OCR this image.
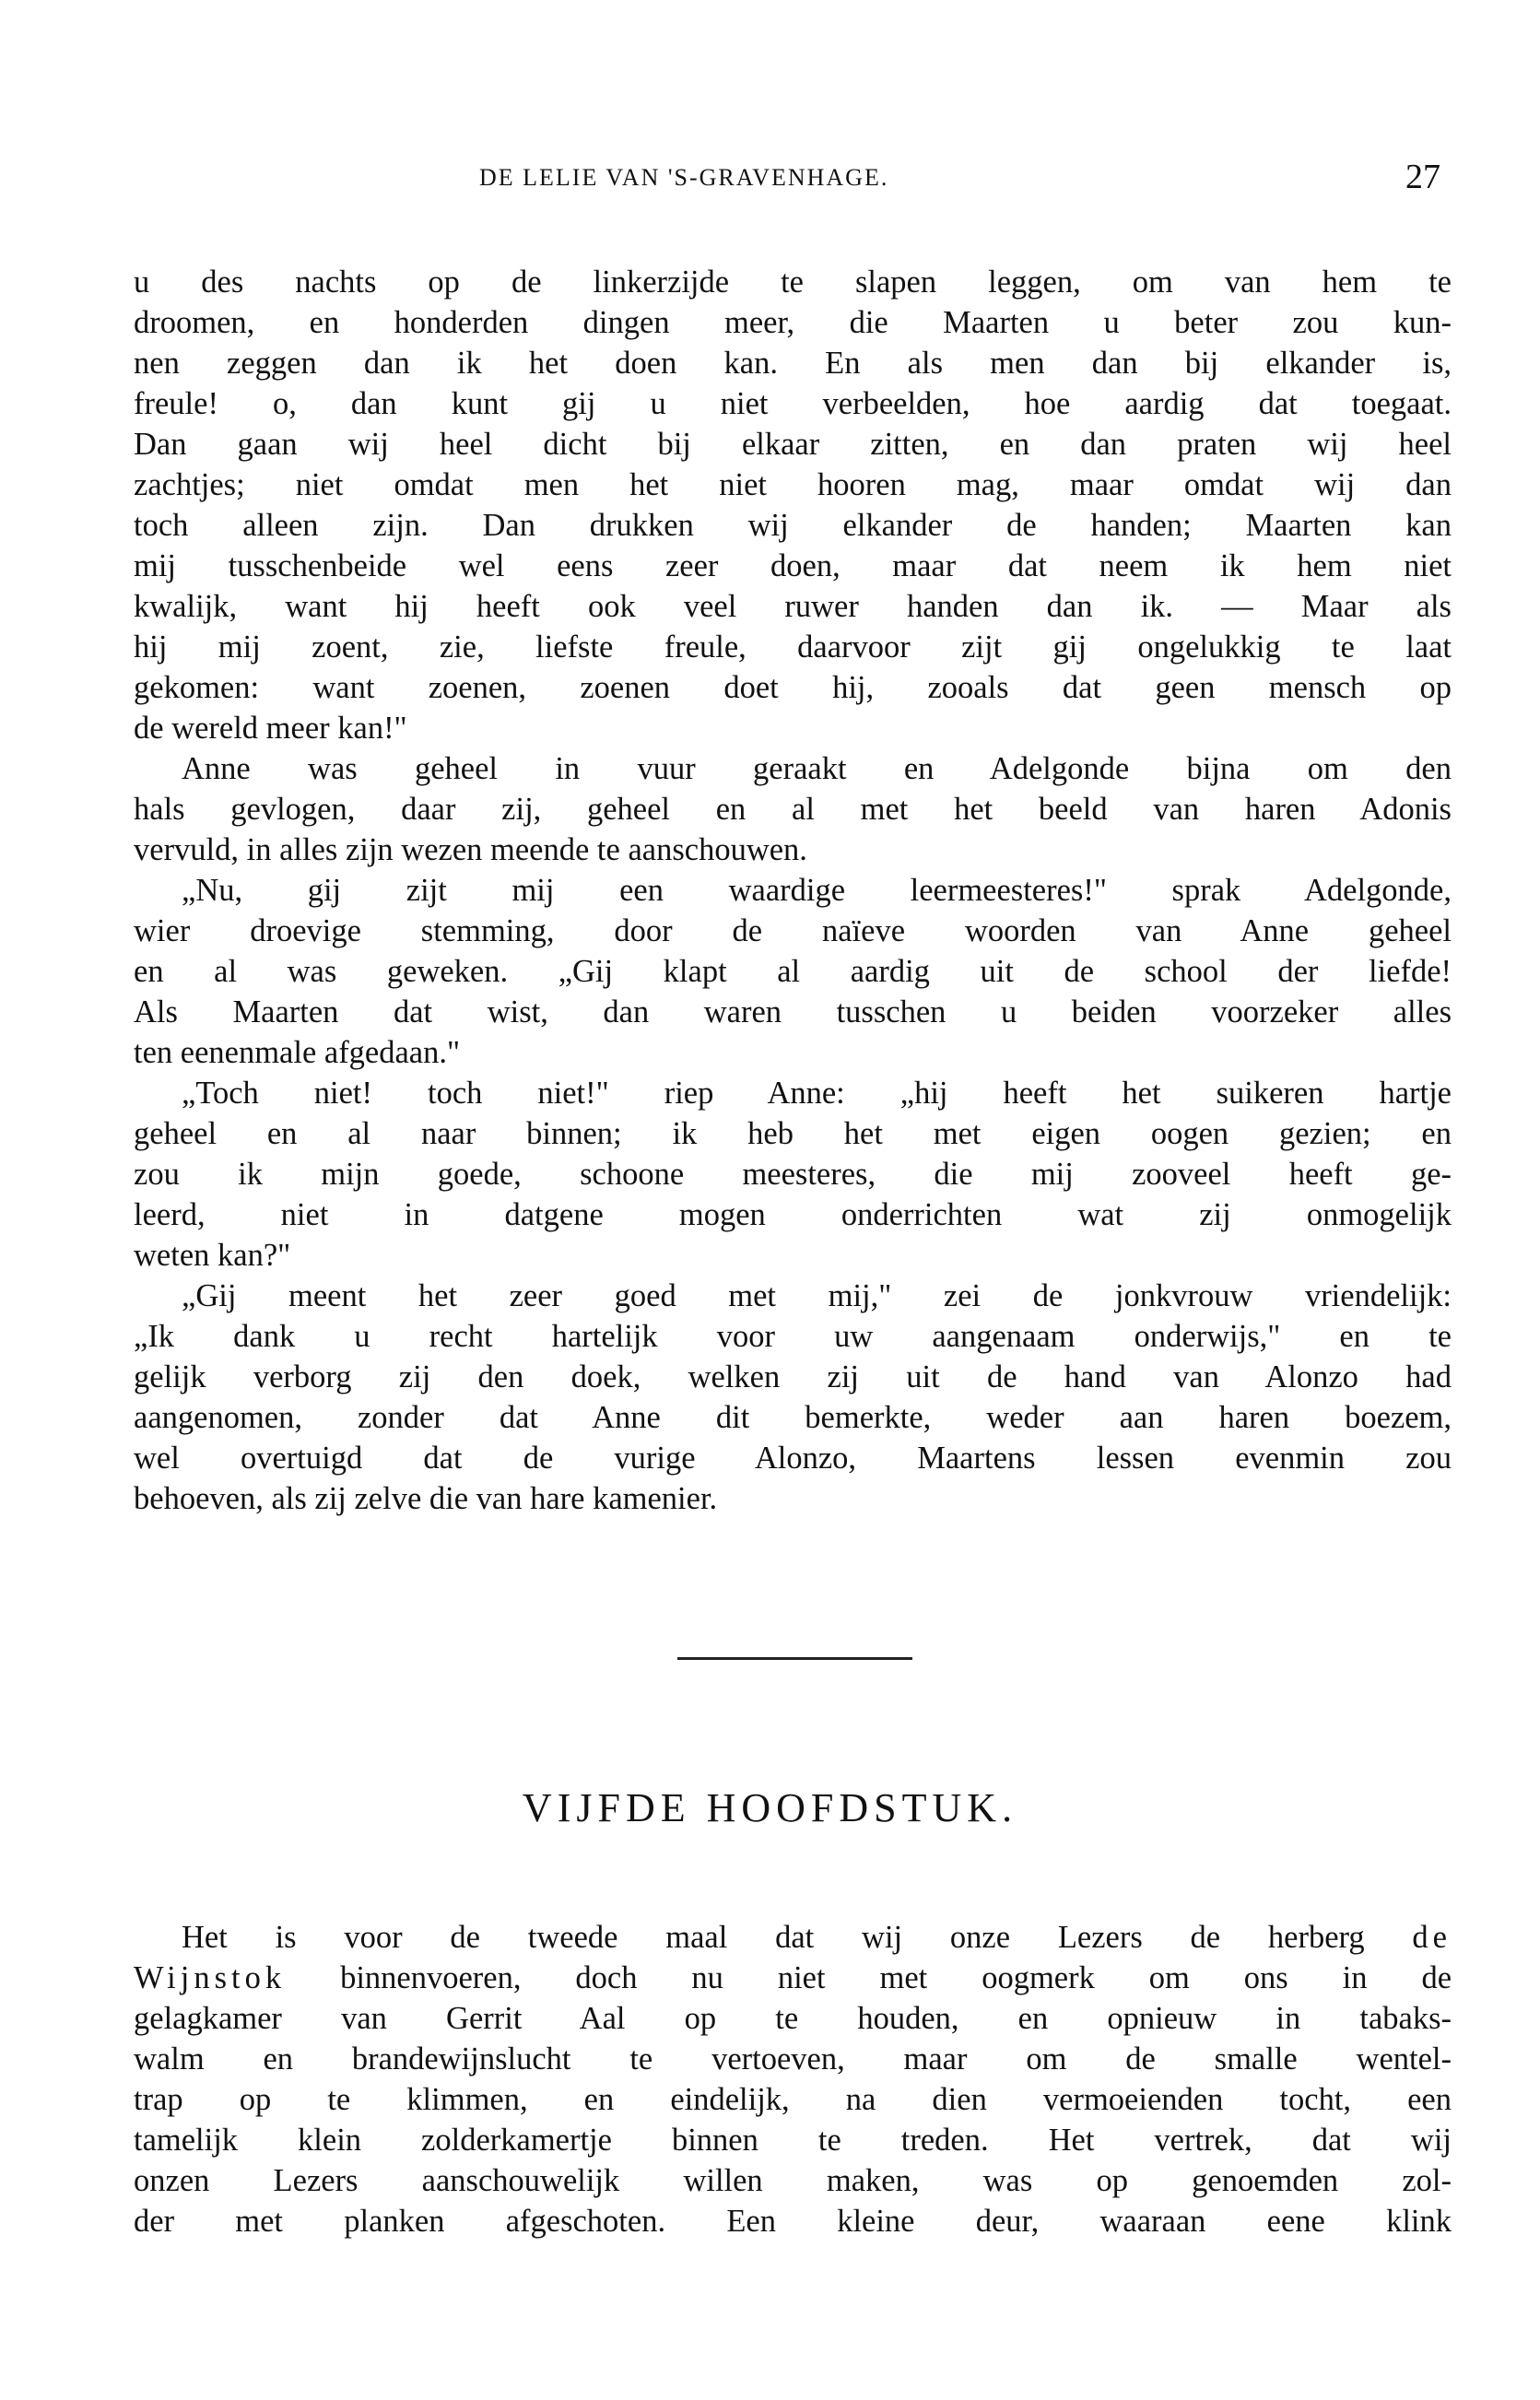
DE LELIE VAN 'S-GRAVENHAGE.	27
u des nachts op de linkerzijde te slapen leggen, om van hem te
droomen, en honderden dingen meer, die Maarten u beter zou kun-
nen zeggen dan ik het doen kan. En als men dan bij elkander is,
freule! o, dan kunt gij u niet verbeelden, hoe aardig dat toegaat.
Dan gaan wij heel dicht bij elkaar zitten, en dan praten wij heel
zachtjes; niet omdat men het niet hooren mag, maar omdat wij dan
toch alleen zijn. Dan drukken wij elkander de handen; Maarten kan
mij tusschenbeide wel eens zeer doen, maar dat neem ik hem niet
kwalijk, want hij heeft ook veel ruwer handen dan ik. — Maar als
hij mij zoent, zie, liefste freule, daarvoor zijt gij ongelukkig te laat
gekomen: want zoenen, zoenen doet hij, zooals dat geen mensch op
de wereld meer kan!"
Anne was geheel in vuur geraakt en Adelgonde bijna om den
hals gevlogen, daar zij, geheel en al met het beeld van haren Adonis
vervuld, in alles zijn wezen meende te aanschouwen.
„Nu, gij zijt mij een waardige leermeesteres!" sprak Adelgonde,
wier droevige stemming, door de naïeve woorden van Anne geheel
en al was geweken. „Gij klapt al aardig uit de school der liefde!
Als Maarten dat wist, dan waren tusschen u beiden voorzeker alles
ten eenenmale afgedaan."
„Toch niet! toch niet!" riep Anne: „hij heeft het suikeren hartje
geheel en al naar binnen; ik heb het met eigen oogen gezien; en
zou ik mijn goede, schoone meesteres, die mij zooveel heeft ge-
leerd, niet in datgene mogen onderrichten wat zij onmogelijk
weten kan?"
„Gij meent het zeer goed met mij," zei de jonkvrouw vriendelijk:
„Ik dank u recht hartelijk voor uw aangenaam onderwijs," en te
gelijk verborg zij den doek, welken zij uit de hand van Alonzo had
aangenomen, zonder dat Anne dit bemerkte, weder aan haren boezem,
wel overtuigd dat de vurige Alonzo, Maartens lessen evenmin zou
behoeven, als zij zelve die van hare kamenier.
VIJFDE HOOFDSTUK.
Het is voor de tweede maal dat wij onze Lezers de herberg de
Wijnstok binnenvoeren, doch nu niet met oogmerk om ons in de
gelagkamer van Gerrit Aal op te houden, en opnieuw in tabaks-
walm en brandewijnslucht te vertoeven, maar om de smalle wentel-
trap op te klimmen, en eindelijk, na dien vermoeienden tocht, een
tamelijk klein zolderkamertje binnen te treden. Het vertrek, dat wij
onzen Lezers aanschouwelijk willen maken, was op genoemden zol-
der met planken afgeschoten. Een kleine deur, waaraan eene klink
